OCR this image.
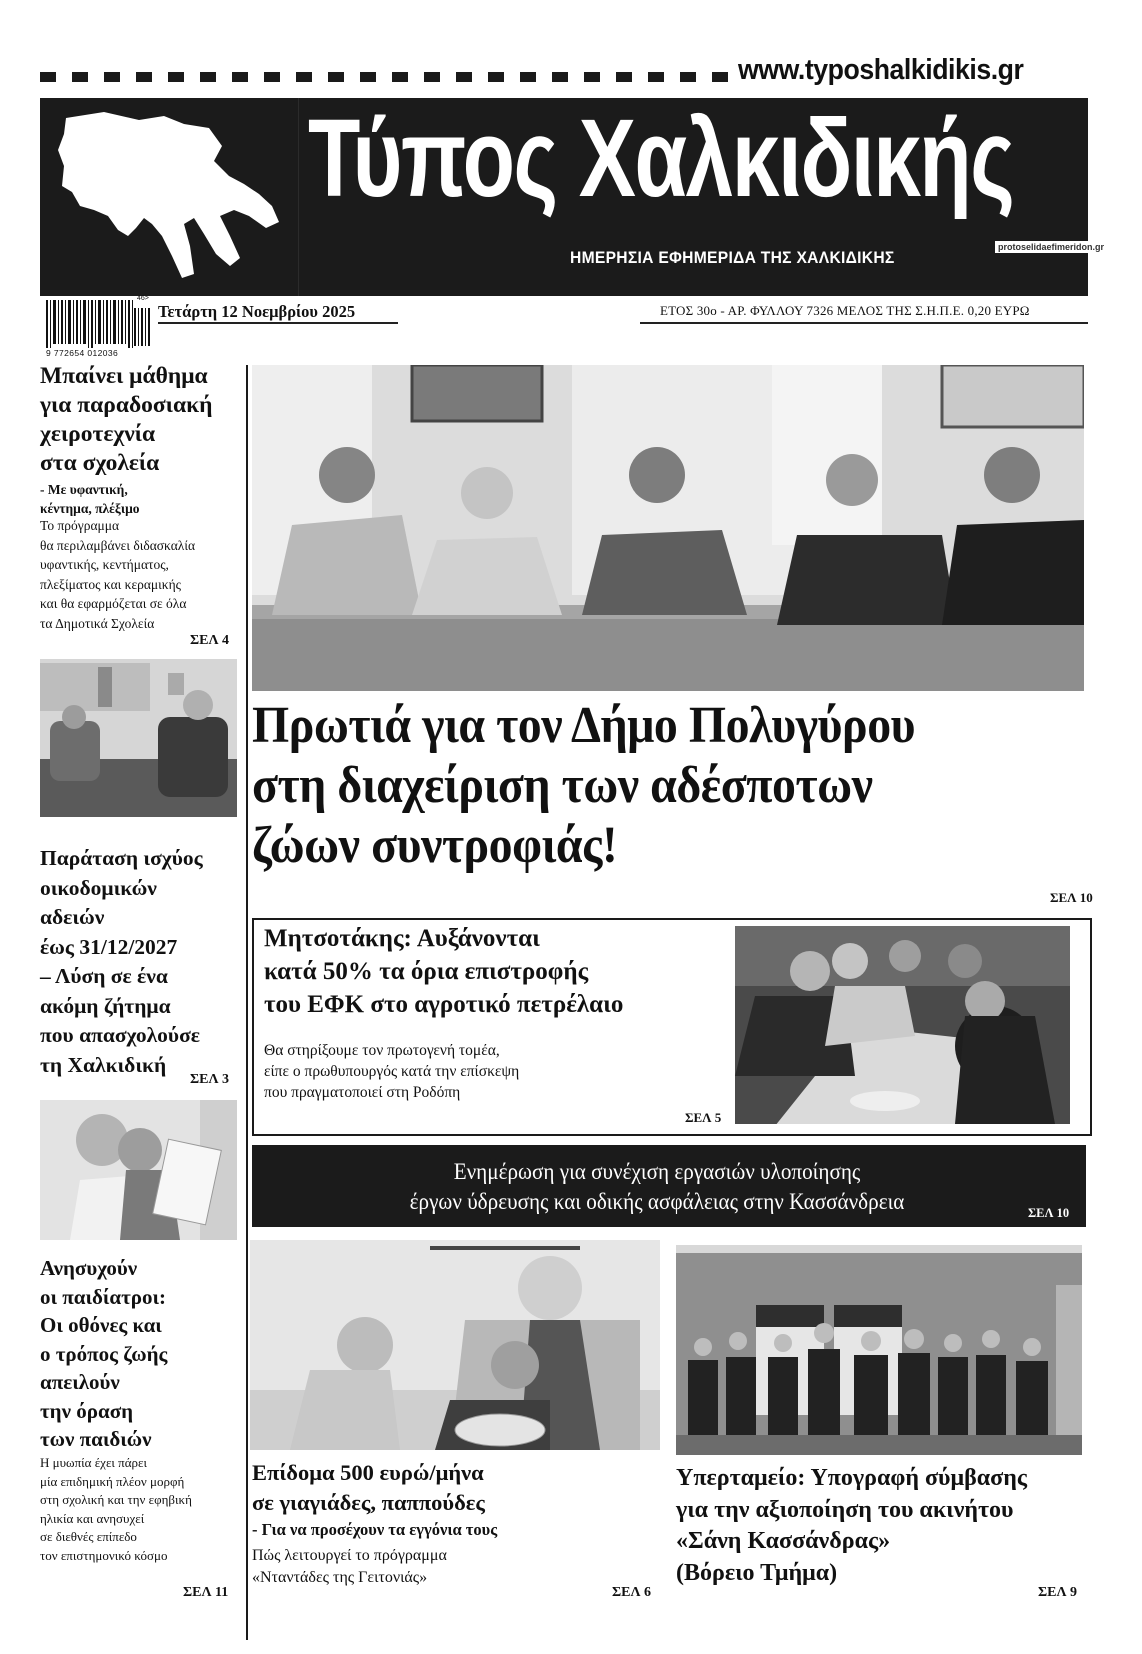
www.typoshalkidikis.gr
Τύπος Χαλκιδικής
ΗΜΕΡΗΣΙΑ ΕΦΗΜΕΡΙΔΑ ΤΗΣ ΧΑΛΚΙΔΙΚΗΣ
protoselidaefimeridon.gr
46>
9 772654 012036
Τετάρτη 12 Νοεμβρίου 2025	ΕΤΟΣ 30ο - ΑΡ. ΦΥΛΛΟΥ 7326 ΜΕΛΟΣ ΤΗΣ Σ.Η.Π.Ε. 0,20 ΕΥΡΩ
Μπαίνει μάθημα
για παραδοσιακή
χειροτεχνία
στα σχολεία
- Με υφαντική,
κέντημα, πλέξιμο
Το πρόγραμμα
θα περιλαμβάνει διδασκαλία
υφαντικής, κεντήματος,
πλεξίματος και κεραμικής
και θα εφαρμόζεται σε όλα
τα Δημοτικά Σχολεία
ΣΕΛ 4
Παράταση ισχύος
οικοδομικών
αδειών
έως 31/12/2027
– Λύση σε ένα
ακόμη ζήτημα
που απασχολούσε
τη Χαλκιδική
ΣΕΛ 3
Ανησυχούν
οι παιδίατροι:
Οι οθόνες και
ο τρόπος ζωής
απειλούν
την όραση
των παιδιών
Η μυωπία έχει πάρει
μία επιδημική πλέον μορφή
στη σχολική και την εφηβική
ηλικία και ανησυχεί
σε διεθνές επίπεδο
τον επιστημονικό κόσμο
ΣΕΛ 11
Πρωτιά για τον Δήμο Πολυγύρου
στη διαχείριση των αδέσποτων
ζώων συντροφιάς!
ΣΕΛ 10
Μητσοτάκης: Αυξάνονται
κατά 50% τα όρια επιστροφής
του ΕΦΚ στο αγροτικό πετρέλαιο
Θα στηρίξουμε τον πρωτογενή τομέα,
είπε ο πρωθυπουργός κατά την επίσκεψη
που πραγματοποιεί στη Ροδόπη
ΣΕΛ 5
Ενημέρωση για συνέχιση εργασιών υλοποίησης
έργων ύδρευσης και οδικής ασφάλειας στην Κασσάνδρεια	ΣΕΛ 10
Επίδομα 500 ευρώ/μήνα
σε γιαγιάδες, παππούδες
- Για να προσέχουν τα εγγόνια τους
Πώς λειτουργεί το πρόγραμμα
«Νταντάδες της Γειτονιάς»
ΣΕΛ 6
Υπερταμείο: Υπογραφή σύμβασης
για την αξιοποίηση του ακινήτου
«Σάνη Κασσάνδρας»
(Βόρειο Τμήμα)
ΣΕΛ 9
